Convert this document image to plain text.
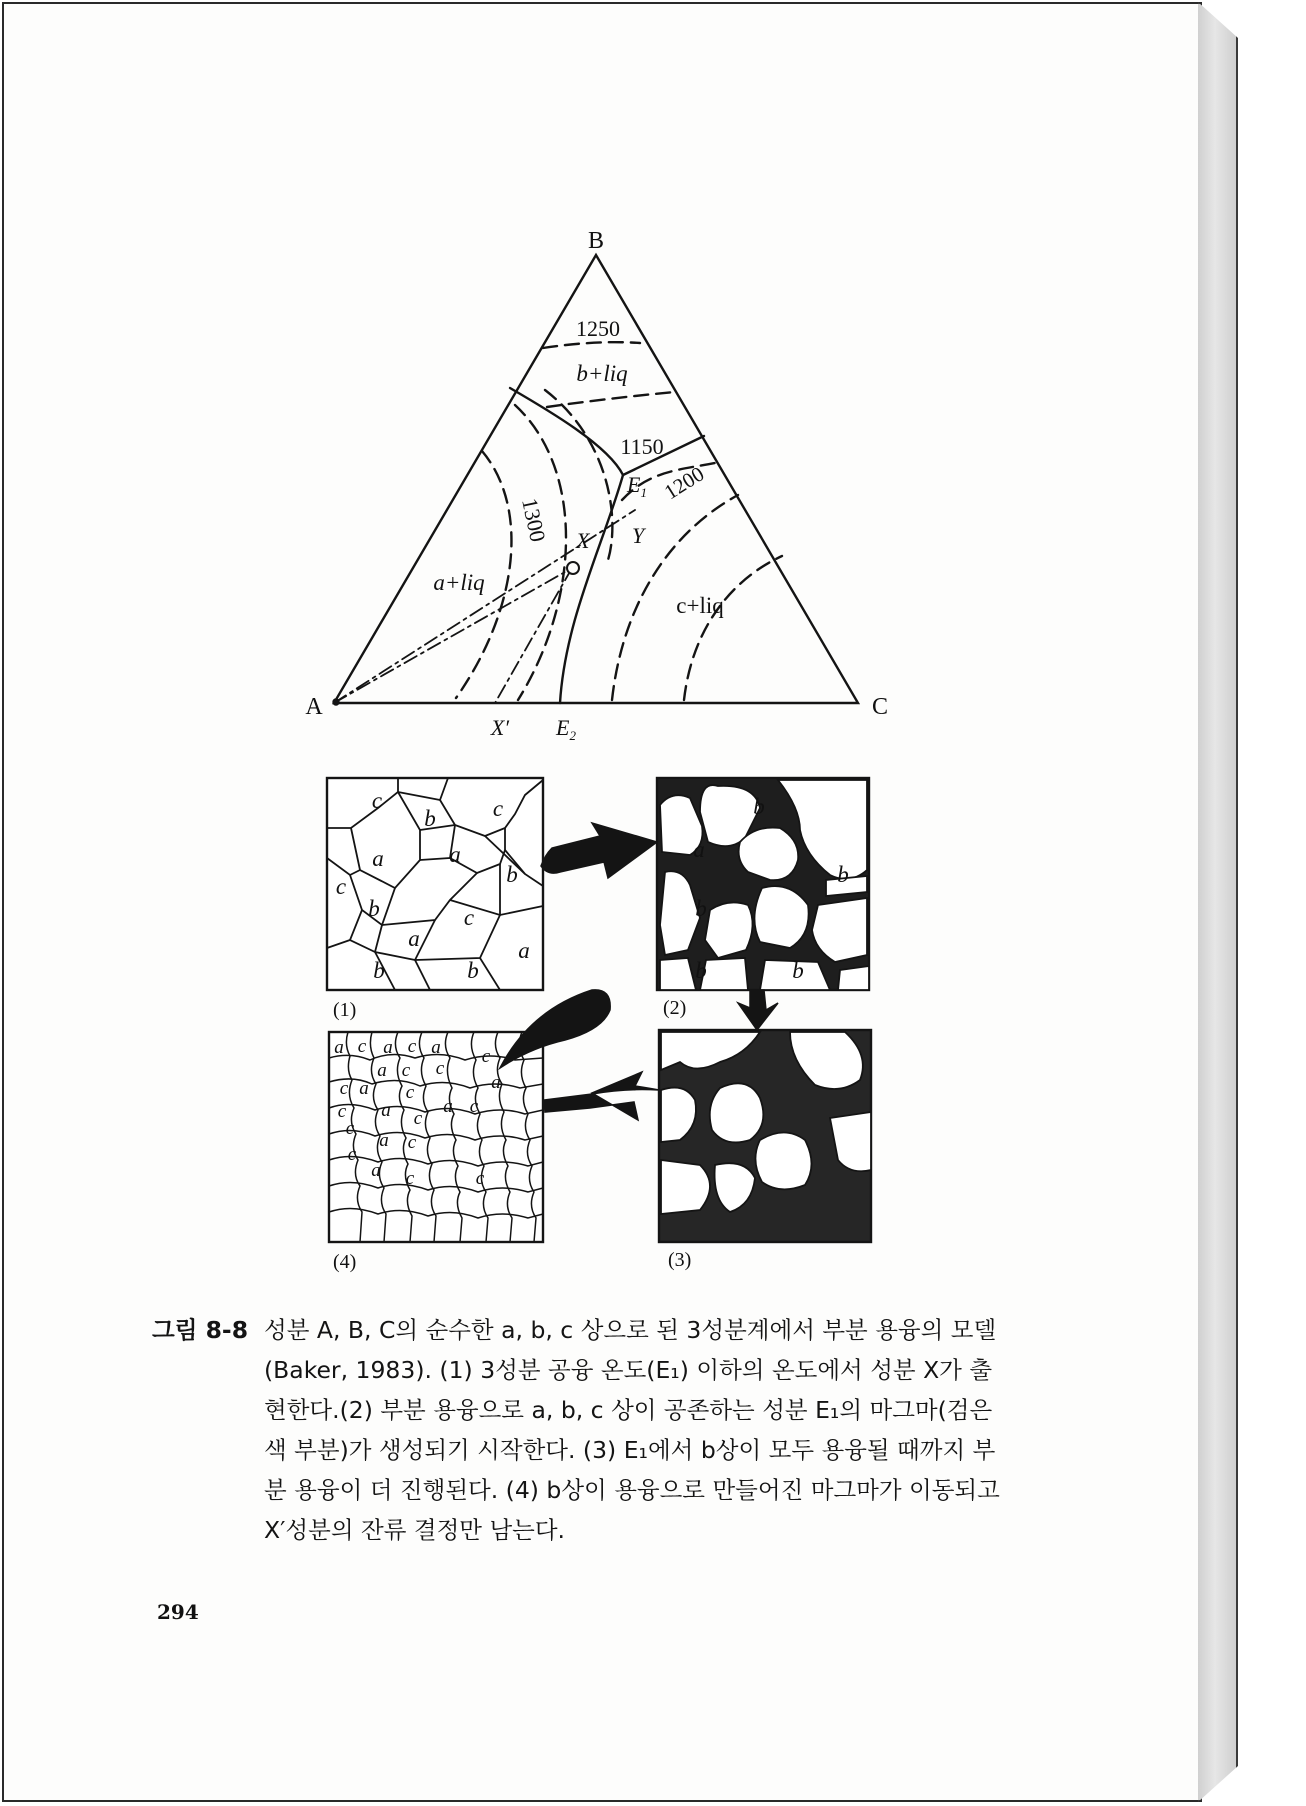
B
A	C
1250
b+liq
1150
1200
1300
a+liq
c+liq
$E_1$
X Y
X′ $E_2$
c
b c
a	a
b
c
b	c
a	a
b	b
(1)
b
a
b
b
b	b
(2)
(3)
a c a c a c
a c c
a
c a c
c a c
a c
c
a c
c
a c	c
(4)
그림 8-8 성분 A, B, C의 순수한 a, b, c 상으로 된 3성분계에서 부분 용융의 모델
(Baker, 1983). (1) 3성분 공융 온도(E₁) 이하의 온도에서 성분 X가 출
현한다.(2) 부분 용융으로 a, b, c 상이 공존하는 성분 E₁의 마그마(검은
색 부분)가 생성되기 시작한다. (3) E₁에서 b상이 모두 용융될 때까지 부
분 용융이 더 진행된다. (4) b상이 용융으로 만들어진 마그마가 이동되고
X′성분의 잔류 결정만 남는다.
294
